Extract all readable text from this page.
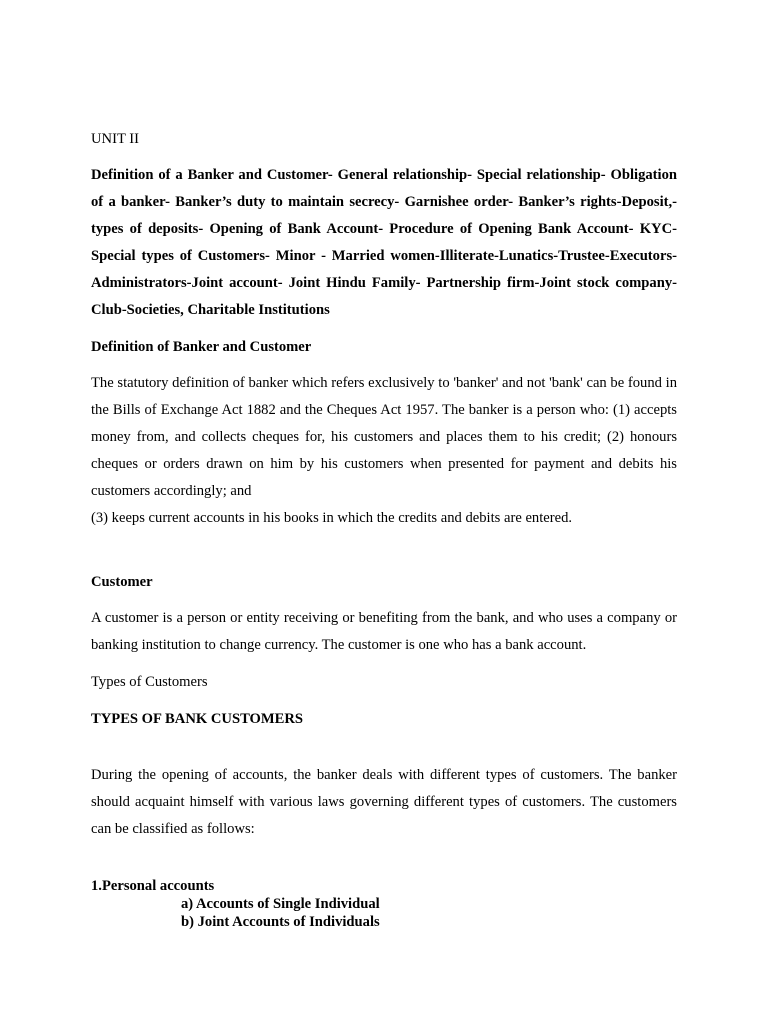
UNIT II

Definition of a Banker and Customer- General relationship- Special relationship- Obligation of a banker- Banker’s duty to maintain secrecy- Garnishee order- Banker’s rights-Deposit,-types of deposits- Opening of Bank Account- Procedure of Opening Bank Account- KYC-Special types of Customers- Minor - Married women-Illiterate-Lunatics-Trustee-Executors-Administrators-Joint account- Joint Hindu Family- Partnership firm-Joint stock company-Club-Societies, Charitable Institutions

Definition of Banker and Customer

The statutory definition of banker which refers exclusively to 'banker' and not 'bank' can be found in the Bills of Exchange Act 1882 and the Cheques Act 1957. The banker is a person who: (1) accepts money from, and collects cheques for, his customers and places them to his credit; (2) honours cheques or orders drawn on him by his customers when presented for payment and debits his customers accordingly; and

(3) keeps current accounts in his books in which the credits and debits are entered.

Customer

A customer is a person or entity receiving or benefiting from the bank, and who uses a company or banking institution to change currency. The customer is one who has a bank account.

Types of Customers

TYPES OF BANK CUSTOMERS

During the opening of accounts, the banker deals with different types of customers. The banker should acquaint himself with various laws governing different types of customers. The customers can be classified as follows:

1.Personal accounts
a) Accounts of Single Individual
b) Joint Accounts of Individuals
